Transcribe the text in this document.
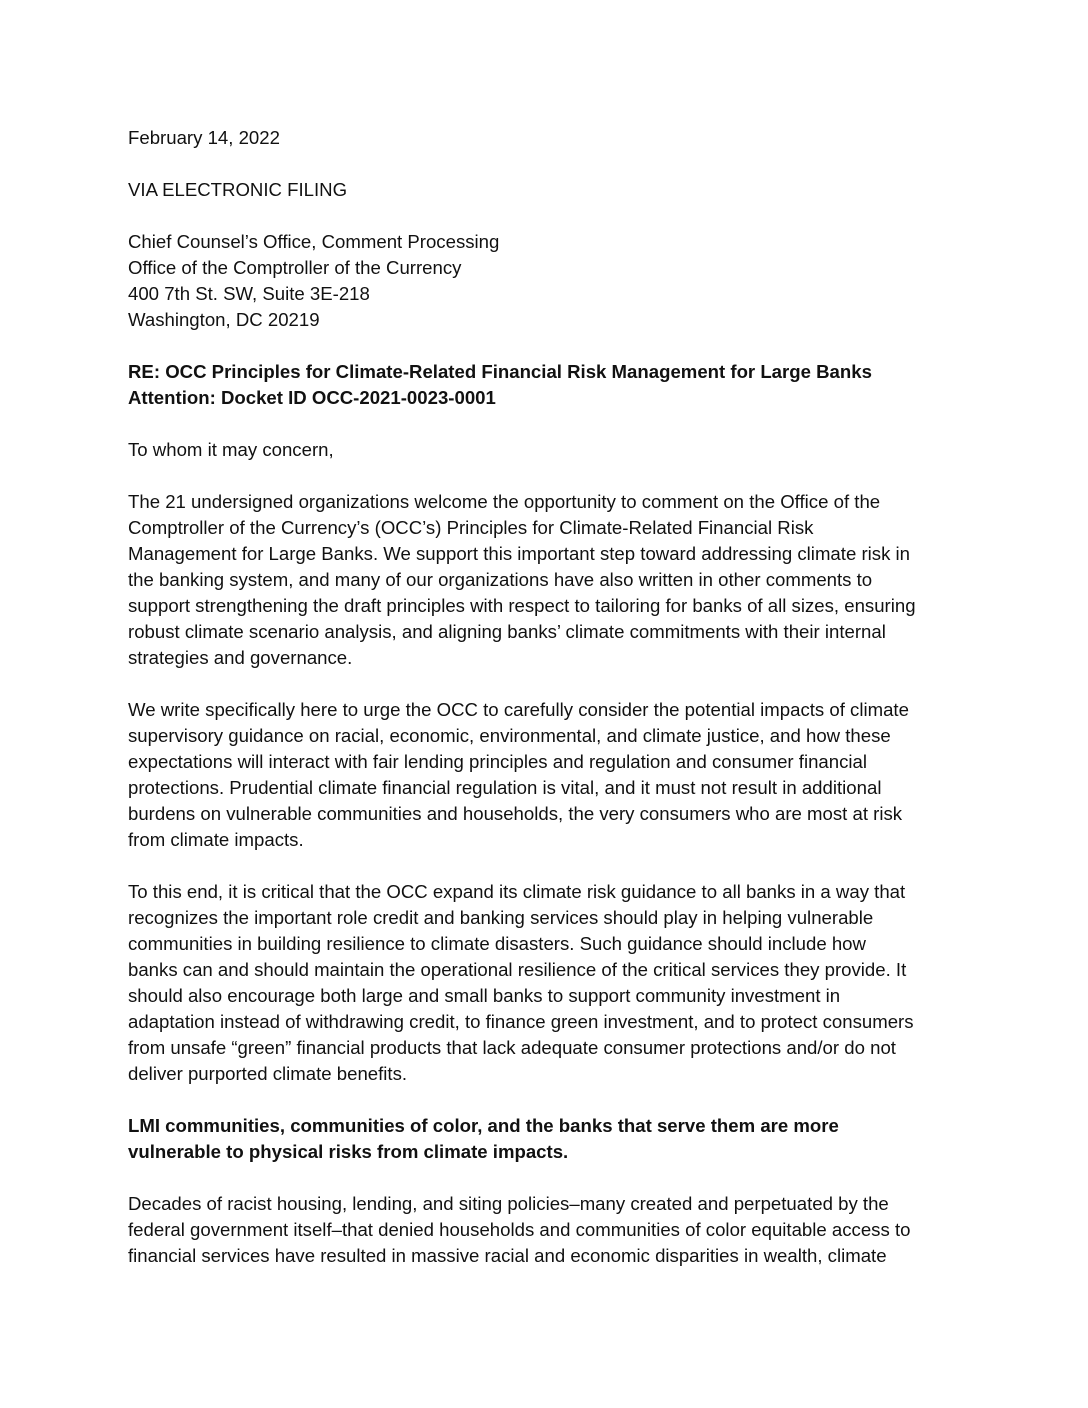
February 14, 2022

VIA ELECTRONIC FILING

Chief Counsel’s Office, Comment Processing
Office of the Comptroller of the Currency
400 7th St. SW, Suite 3E-218
Washington, DC 20219
RE: OCC Principles for Climate-Related Financial Risk Management for Large Banks
Attention: Docket ID OCC-2021-0023-0001

To whom it may concern,

The 21 undersigned organizations welcome the opportunity to comment on the Office of the
Comptroller of the Currency’s (OCC’s) Principles for Climate-Related Financial Risk
Management for Large Banks. We support this important step toward addressing climate risk in
the banking system, and many of our organizations have also written in other comments to
support strengthening the draft principles with respect to tailoring for banks of all sizes, ensuring
robust climate scenario analysis, and aligning banks’ climate commitments with their internal
strategies and governance.
We write specifically here to urge the OCC to carefully consider the potential impacts of climate
supervisory guidance on racial, economic, environmental, and climate justice, and how these
expectations will interact with fair lending principles and regulation and consumer financial
protections. Prudential climate financial regulation is vital, and it must not result in additional
burdens on vulnerable communities and households, the very consumers who are most at risk
from climate impacts.
To this end, it is critical that the OCC expand its climate risk guidance to all banks in a way that
recognizes the important role credit and banking services should play in helping vulnerable
communities in building resilience to climate disasters. Such guidance should include how
banks can and should maintain the operational resilience of the critical services they provide. It
should also encourage both large and small banks to support community investment in
adaptation instead of withdrawing credit, to finance green investment, and to protect consumers
from unsafe “green” financial products that lack adequate consumer protections and/or do not
deliver purported climate benefits.
LMI communities, communities of color, and the banks that serve them are more
vulnerable to physical risks from climate impacts.
Decades of racist housing, lending, and siting policies–many created and perpetuated by the
federal government itself–that denied households and communities of color equitable access to
financial services have resulted in massive racial and economic disparities in wealth, climate
